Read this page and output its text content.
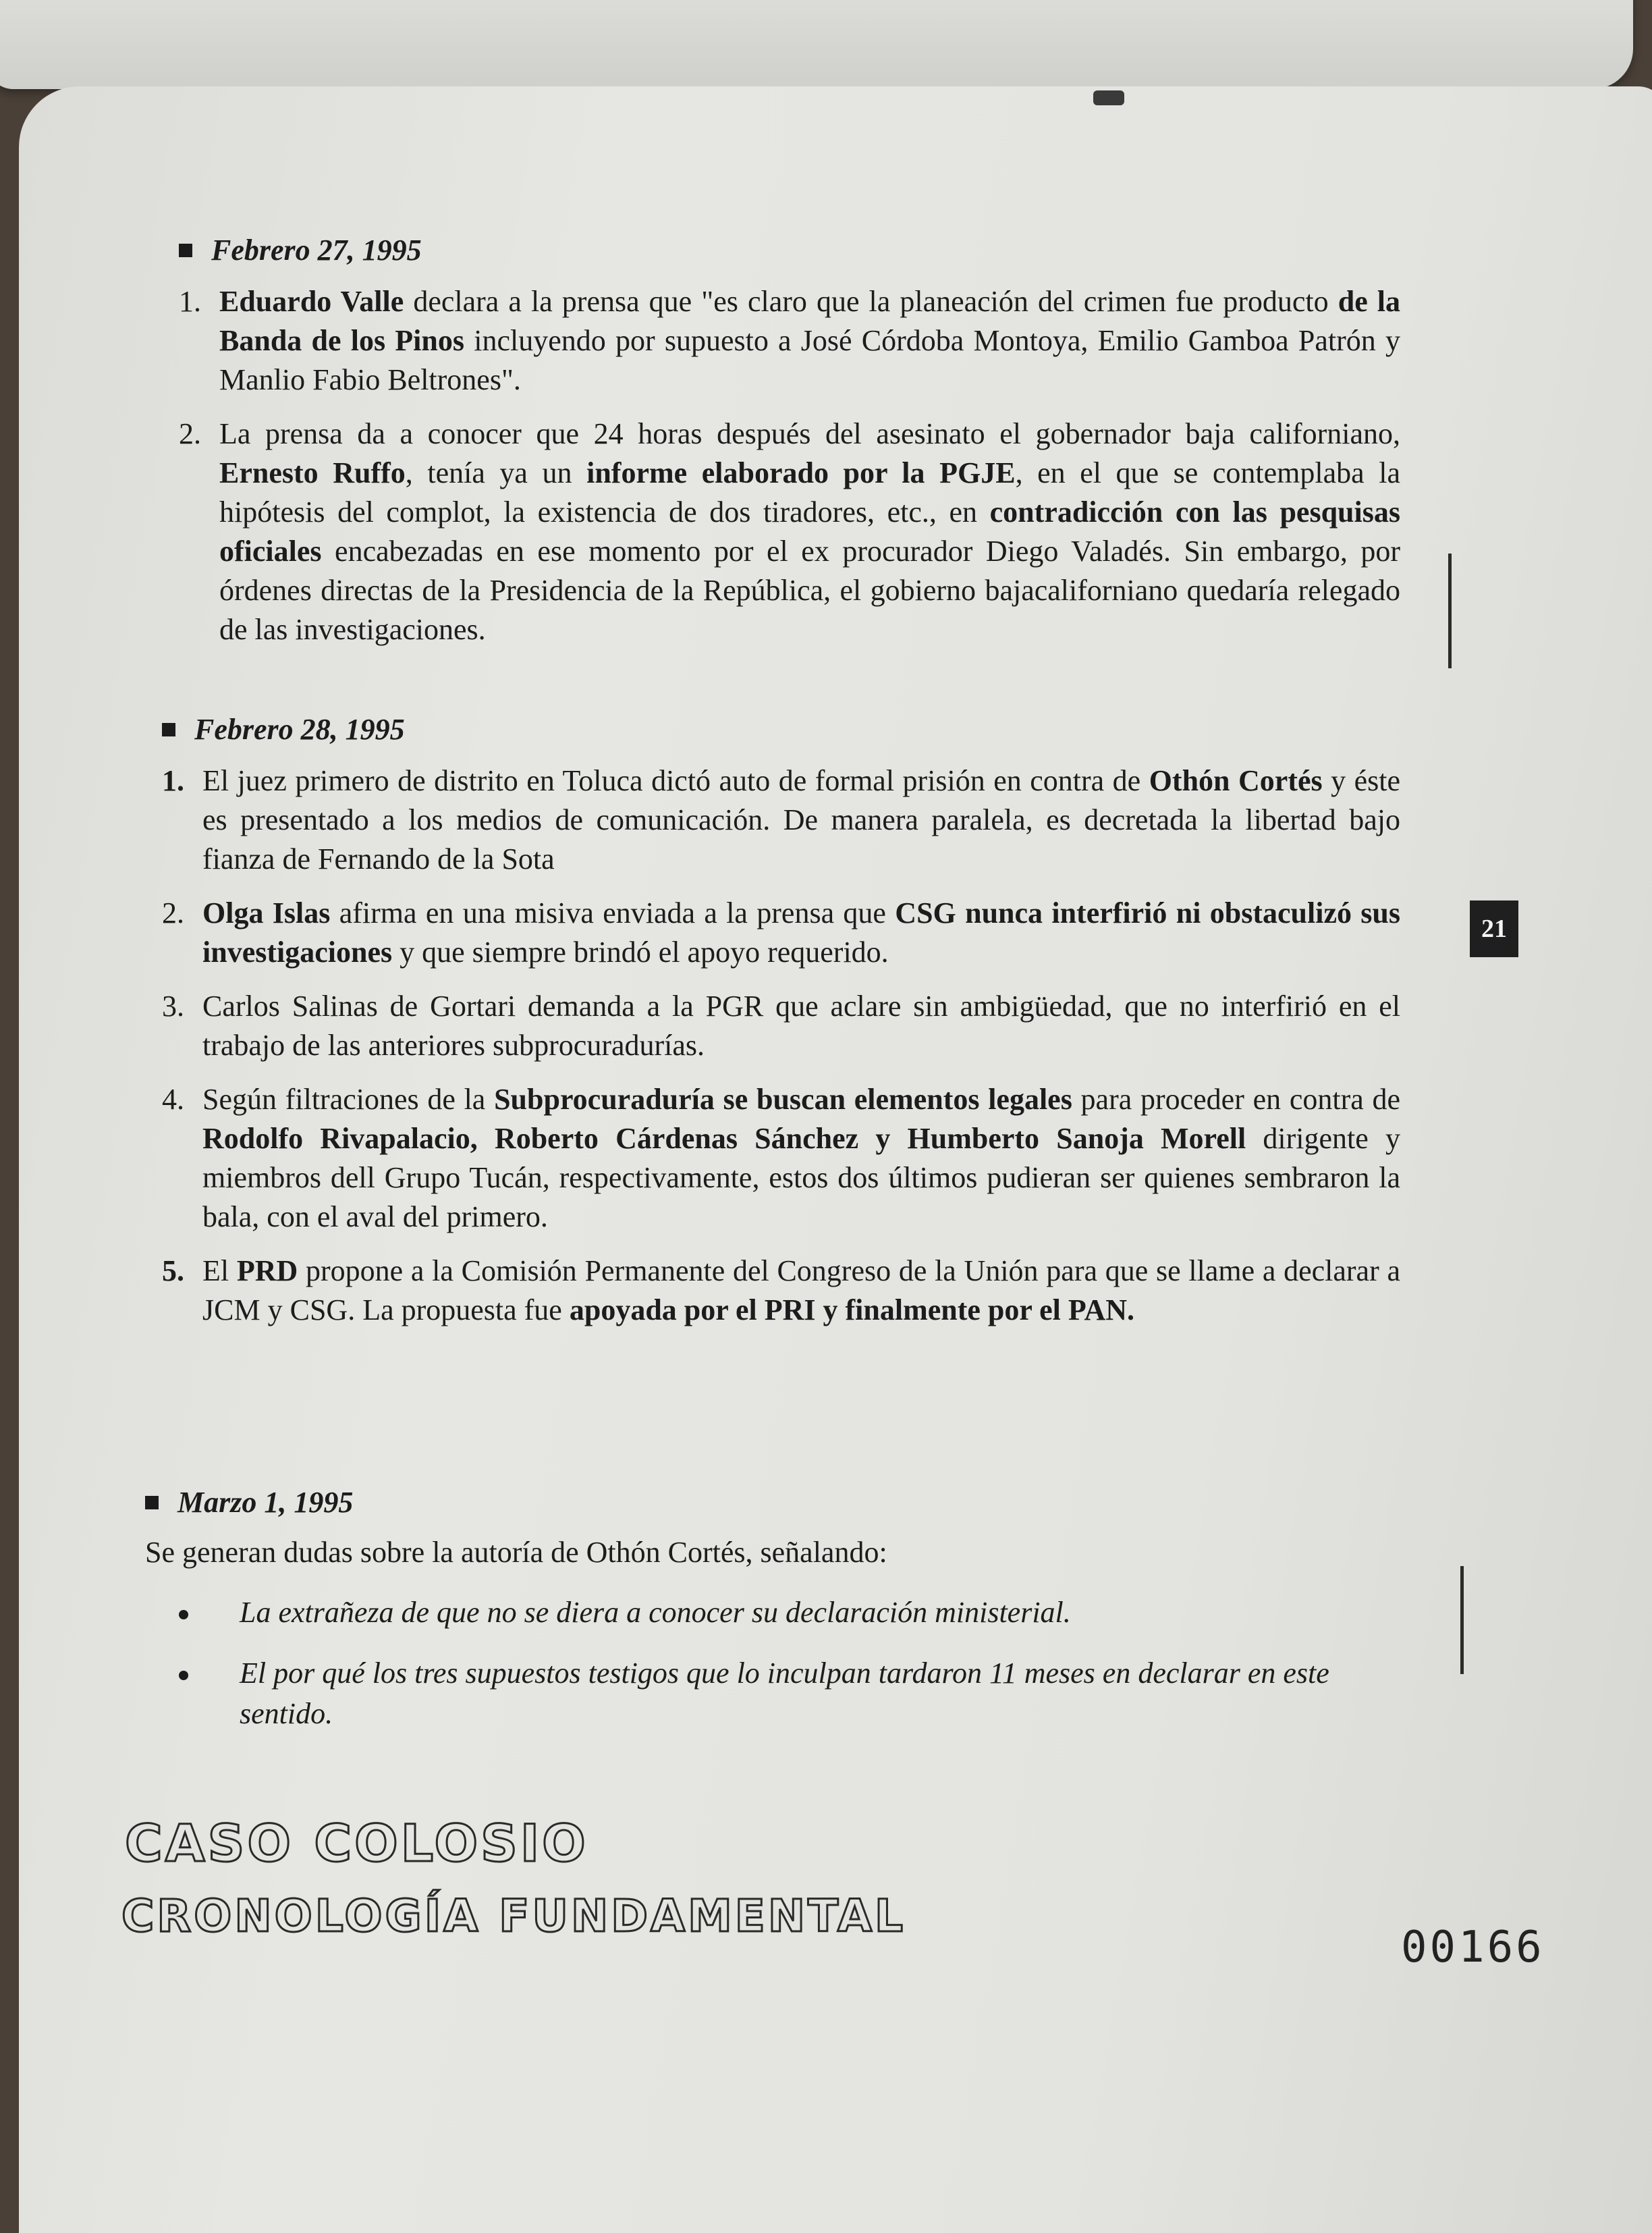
Febrero 27, 1995
1. Eduardo Valle declara a la prensa que "es claro que la planeación del crimen fue producto de la Banda de los Pinos incluyendo por supuesto a José Córdoba Montoya, Emilio Gamboa Patrón y Manlio Fabio Beltrones".
2. La prensa da a conocer que 24 horas después del asesinato el gobernador baja californiano, Ernesto Ruffo, tenía ya un informe elaborado por la PGJE, en el que se contemplaba la hipótesis del complot, la existencia de dos tiradores, etc., en contradicción con las pesquisas oficiales encabezadas en ese momento por el ex procurador Diego Valadés. Sin embargo, por órdenes directas de la Presidencia de la República, el gobierno bajacaliforniano quedaría relegado de las investigaciones.
Febrero 28, 1995
1. El juez primero de distrito en Toluca dictó auto de formal prisión en contra de Othón Cortés y éste es presentado a los medios de comunicación. De manera paralela, es decretada la libertad bajo fianza de Fernando de la Sota
2. Olga Islas afirma en una misiva enviada a la prensa que CSG nunca interfirió ni obstaculizó sus investigaciones y que siempre brindó el apoyo requerido.
3. Carlos Salinas de Gortari demanda a la PGR que aclare sin ambigüedad, que no interfirió en el trabajo de las anteriores subprocuradurías.
4. Según filtraciones de la Subprocuraduría se buscan elementos legales para proceder en contra de Rodolfo Rivapalacio, Roberto Cárdenas Sánchez y Humberto Sanoja Morell dirigente y miembros dell Grupo Tucán, respectivamente, estos dos últimos pudieran ser quienes sembraron la bala, con el aval del primero.
5. El PRD propone a la Comisión Permanente del Congreso de la Unión para que se llame a declarar a JCM y CSG. La propuesta fue apoyada por el PRI y finalmente por el PAN.
Marzo 1, 1995
Se generan dudas sobre la autoría de Othón Cortés, señalando:
La extrañeza de que no se diera a conocer su declaración ministerial.
El por qué los tres supuestos testigos que lo inculpan tardaron 11 meses en declarar en este sentido.
CASO COLOSIO
CRONOLOGÍA FUNDAMENTAL
21
00166
